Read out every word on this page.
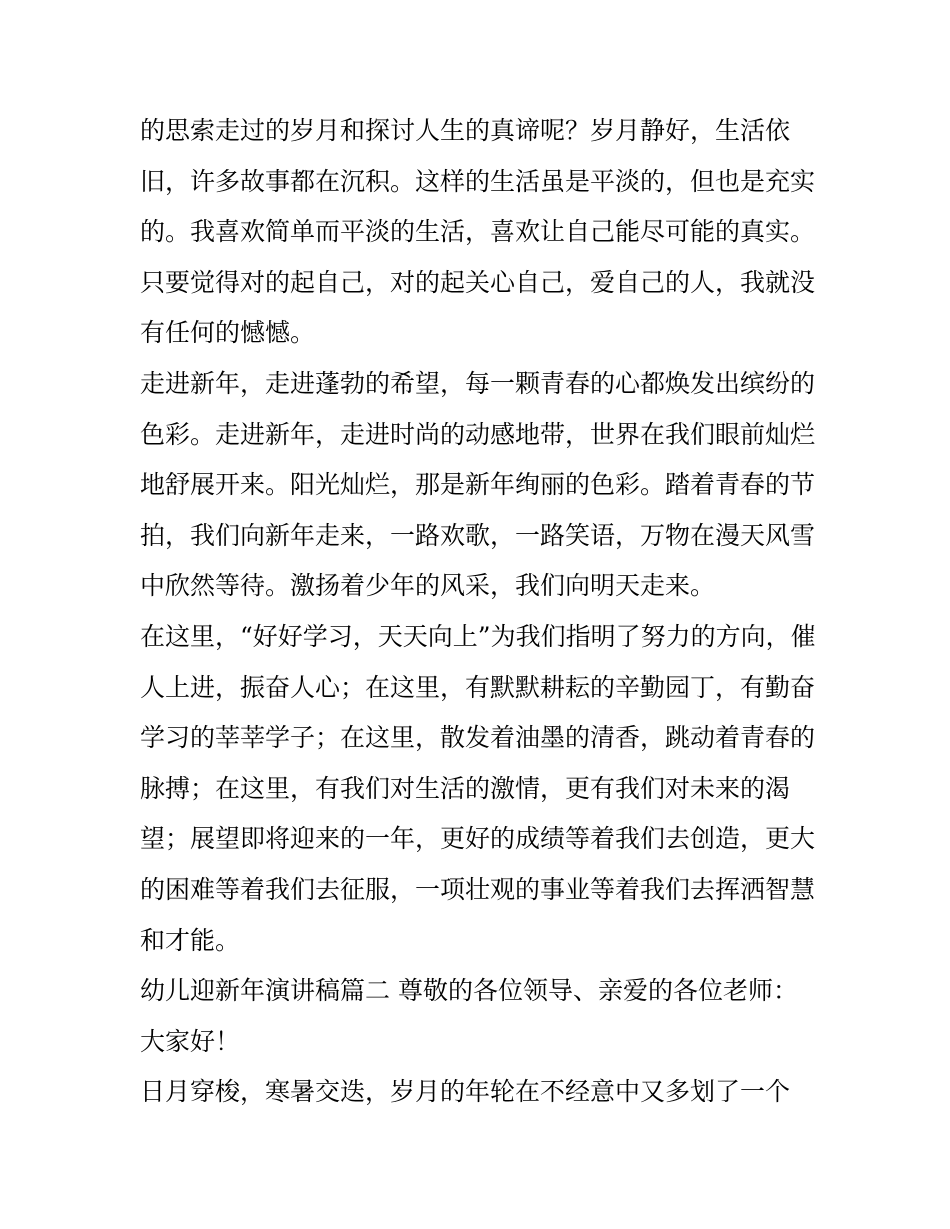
的思索走过的岁月和探讨人生的真谛呢？岁月静好，生活依
旧，许多故事都在沉积。这样的生活虽是平淡的，但也是充实
的。我喜欢简单而平淡的生活，喜欢让自己能尽可能的真实。
只要觉得对的起自己，对的起关心自己，爱自己的人，我就没
有任何的憾憾。
走进新年，走进蓬勃的希望，每一颗青春的心都焕发出缤纷的
色彩。走进新年，走进时尚的动感地带，世界在我们眼前灿烂
地舒展开来。阳光灿烂，那是新年绚丽的色彩。踏着青春的节
拍，我们向新年走来，一路欢歌，一路笑语，万物在漫天风雪
中欣然等待。激扬着少年的风采，我们向明天走来。
在这里，“好好学习，天天向上”为我们指明了努力的方向，催
人上进，振奋人心；在这里，有默默耕耘的辛勤园丁，有勤奋
学习的莘莘学子；在这里，散发着油墨的清香，跳动着青春的
脉搏；在这里，有我们对生活的激情，更有我们对未来的渴
望；展望即将迎来的一年，更好的成绩等着我们去创造，更大
的困难等着我们去征服，一项壮观的事业等着我们去挥洒智慧
和才能。
幼儿迎新年演讲稿篇二 尊敬的各位领导、亲爱的各位老师：
大家好！
日月穿梭，寒暑交迭，岁月的年轮在不经意中又多划了一个
